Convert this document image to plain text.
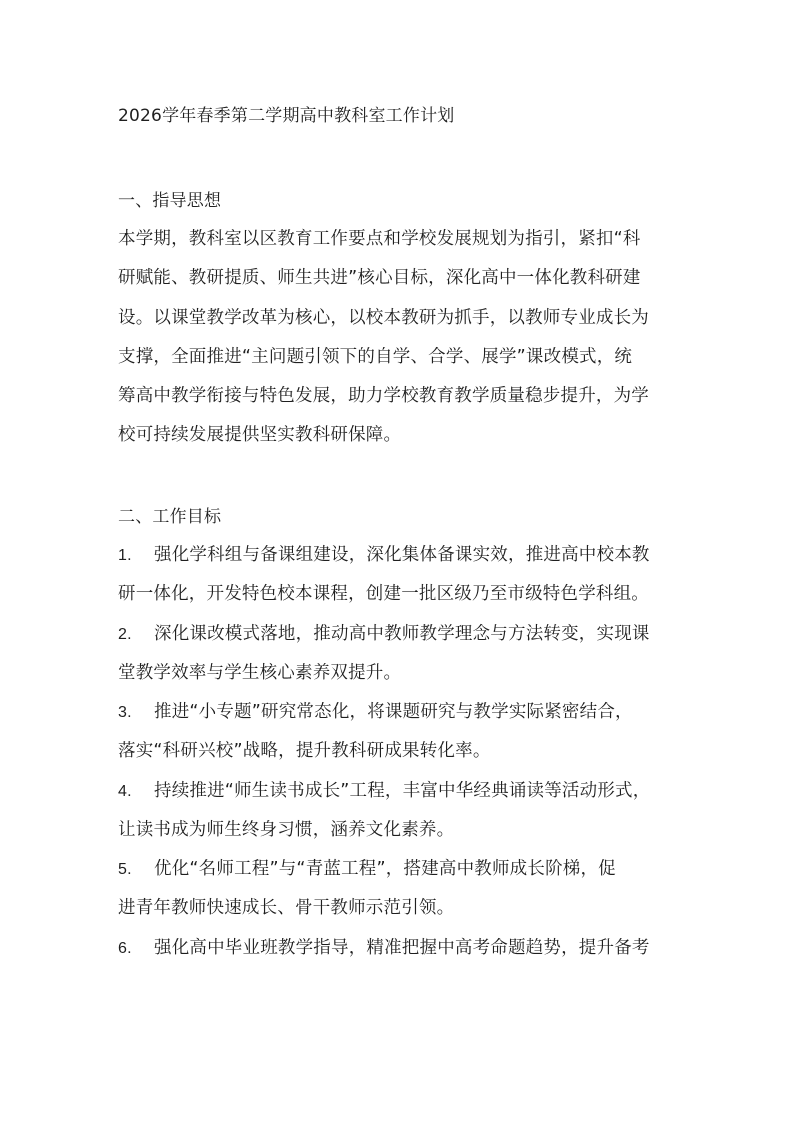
2026学年春季第二学期高中教科室工作计划
一、指导思想
本学期，教科室以区教育工作要点和学校发展规划为指引，紧扣“科
研赋能、教研提质、师生共进”核心目标，深化高中一体化教科研建
设。以课堂教学改革为核心，以校本教研为抓手，以教师专业成长为
支撑，全面推进“主问题引领下的自学、合学、展学”课改模式，统
筹高中教学衔接与特色发展，助力学校教育教学质量稳步提升，为学
校可持续发展提供坚实教科研保障。
二、工作目标
1. 强化学科组与备课组建设，深化集体备课实效，推进高中校本教
研一体化，开发特色校本课程，创建一批区级乃至市级特色学科组。
2. 深化课改模式落地，推动高中教师教学理念与方法转变，实现课
堂教学效率与学生核心素养双提升。
3. 推进“小专题”研究常态化，将课题研究与教学实际紧密结合，
落实“科研兴校”战略，提升教科研成果转化率。
4. 持续推进“师生读书成长”工程，丰富中华经典诵读等活动形式，
让读书成为师生终身习惯，涵养文化素养。
5. 优化“名师工程”与“青蓝工程”，搭建高中教师成长阶梯，促
进青年教师快速成长、骨干教师示范引领。
6. 强化高中毕业班教学指导，精准把握中高考命题趋势，提升备考
